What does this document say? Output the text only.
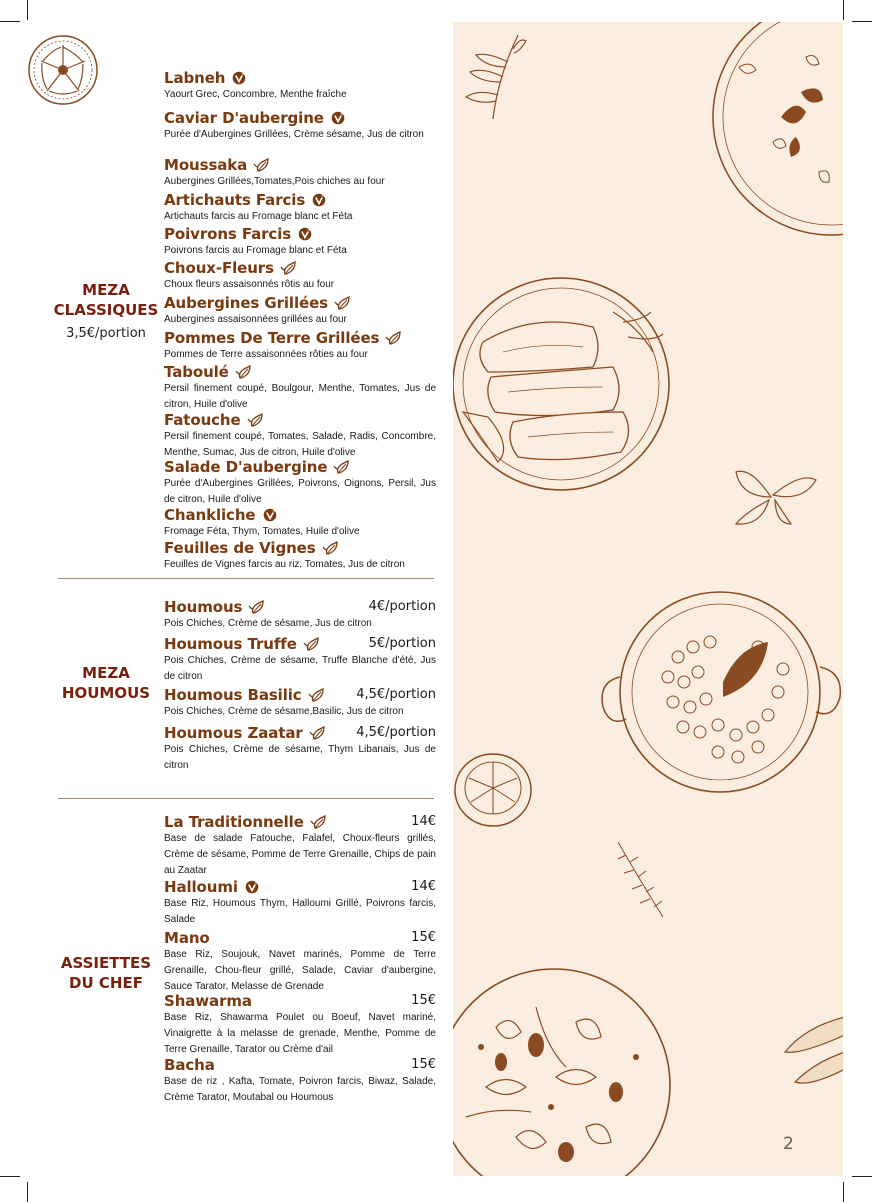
2
MEZA
CLASSIQUES
3,5€/portion
MEZA
HOUMOUS
ASSIETTES
DU CHEF
Labneh
Yaourt Grec, Concombre, Menthe fraîche
Caviar D'aubergine
Purée d'Aubergines Grillées, Crème sésame, Jus de citron
Moussaka
Aubergines Grillées,Tomates,Pois chiches au four
Artichauts Farcis
Artichauts farcis au Fromage blanc et Féta
Poivrons Farcis
Poivrons farcis au Fromage blanc et Féta
Choux-Fleurs
Choux fleurs assaisonnés rôtis au four
Aubergines Grillées
Aubergines assaisonnées grillées au four
Pommes De Terre Grillées
Pommes de Terre assaisonnées rôties au four
Taboulé
Persil finement coupé, Boulgour, Menthe, Tomates, Jus de citron, Huile d'olive
Fatouche
Persil finement coupé, Tomates, Salade, Radis, Concombre, Menthe, Sumac, Jus de citron, Huile d'olive
Salade D'aubergine
Purée d'Aubergines Grillées, Poivrons, Oignons, Persil, Jus de citron, Huile d'olive
Chankliche
Fromage Féta, Thym, Tomates, Huile d'olive
Feuilles de Vignes
Feuilles de Vignes farcis au riz, Tomates, Jus de citron
Houmous	4€/portion
Pois Chiches, Crème de sésame, Jus de citron
Houmous Truffe	5€/portion
Pois Chiches, Crème de sésame, Truffe Blanche d'été, Jus de citron
Houmous Basilic	4,5€/portion
Pois Chiches, Crème de sésame,Basilic, Jus de citron
Houmous Zaatar	4,5€/portion
Pois Chiches, Crème de sésame, Thym Libanais, Jus de citron
La Traditionnelle	14€
Base de salade Fatouche, Falafel, Choux-fleurs grillés, Crème de sésame, Pomme de Terre Grenaille, Chips de pain au Zaatar
Halloumi	14€
Base Riz, Houmous Thym, Halloumi Grillé, Poivrons farcis, Salade
Mano	15€
Base Riz, Soujouk, Navet marinés, Pomme de Terre Grenaille, Chou-fleur grillé, Salade, Caviar d'aubergine, Sauce Tarator, Melasse de Grenade
Shawarma	15€
Base Riz, Shawarma Poulet ou Boeuf, Navet mariné, Vinaigrette à la melasse de grenade, Menthe, Pomme de Terre Grenaille, Tarator ou Crème d'ail
Bacha	15€
Base de riz , Kafta, Tomate, Poivron farcis, Biwaz, Salade, Crème Tarator, Moutabal ou Houmous
